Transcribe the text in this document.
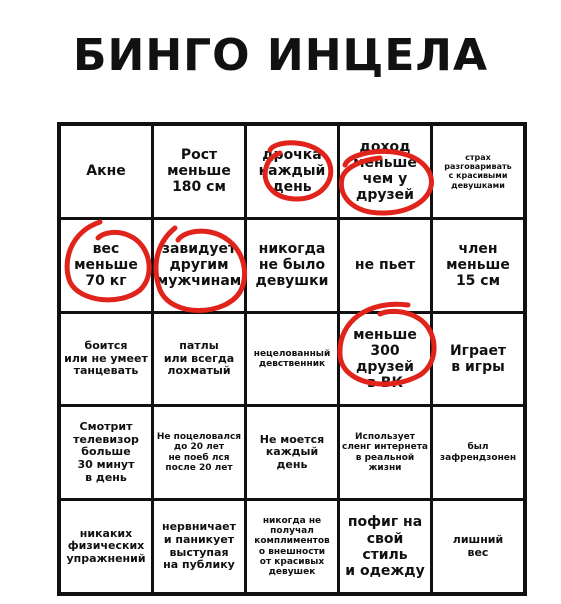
БИНГО ИНЦЕЛА
Акне
Рост
меньше
180 см
дрочка
каждый
день
доход
меньше
чем у
друзей
страх
разговаривать
с красивыми
девушками
вес
меньше
70 кг
завидует
другим
мужчинам
никогда
не было
девушки
не пьет
член
меньше
15 см
боится
или не умеет
танцевать
патлы
или всегда
лохматый
нецелованный
девственник
меньше
300 друзей
в ВК
Играет
в игры
Смотрит
телевизор
больше
30 минут
в день
Не поцеловался
до 20 лет
не поеб лся
после 20 лет
Не моется
каждый
день
Использует
сленг интернета
в реальной
жизни
был
зафрендзонен
никаких
физических
упражнений
нервничает
и паникует
выступая
на публику
никогда не
получал
комплиментов
о внешности
от красивых
девушек
пофиг на
свой стиль
и одежду
лишний
вес
